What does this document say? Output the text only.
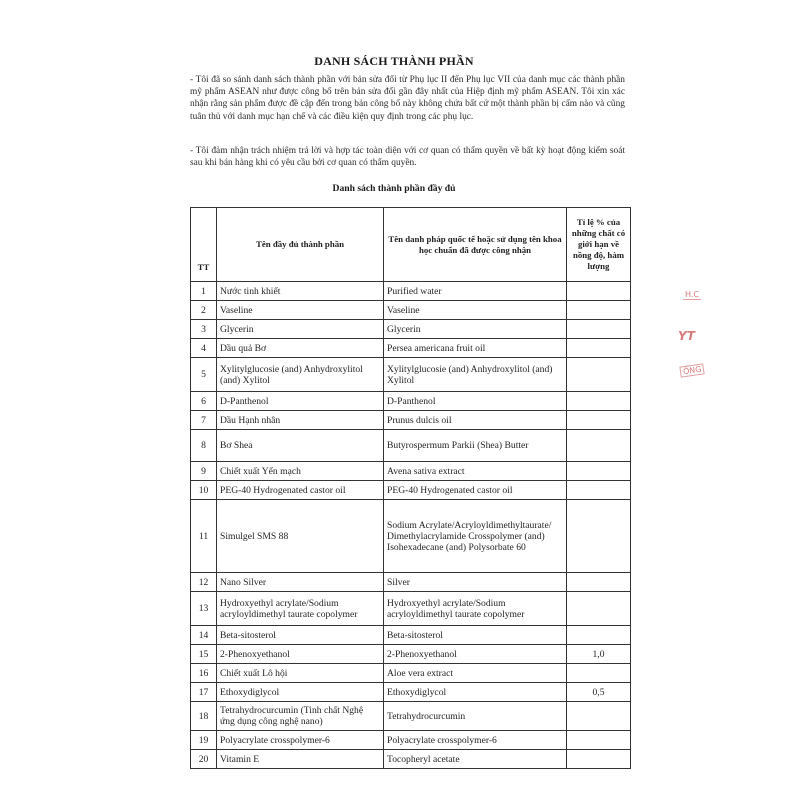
DANH SÁCH THÀNH PHẦN
- Tôi đã so sánh danh sách thành phần với bản sửa đổi từ Phụ lục II đến Phụ lục VII của danh mục các thành phần mỹ phẩm ASEAN như được công bố trên bản sửa đổi gần đây nhất của Hiệp định mỹ phẩm ASEAN. Tôi xin xác nhận rằng sản phẩm được đề cập đến trong bản công bố này không chứa bất cứ một thành phần bị cấm nào và cũng tuân thủ với danh mục hạn chế và các điều kiện quy định trong các phụ lục.
- Tôi đảm nhận trách nhiệm trả lời và hợp tác toàn diện với cơ quan có thẩm quyền về bất kỳ hoạt động kiểm soát sau khi bán hàng khi có yêu cầu bởi cơ quan có thẩm quyền.
Danh sách thành phần đầy đủ
TT	Tên đầy đủ thành phần	Tên danh pháp quốc tế hoặc sử dụng tên khoa học chuẩn đã được công nhận	Tỉ lệ % của những chất có giới hạn về nồng độ, hàm lượng
1	Nước tinh khiết	Purified water	
2	Vaseline	Vaseline	
3	Glycerin	Glycerin	
4	Dầu quả Bơ	Persea americana fruit oil	
5	Xylitylglucosie (and) Anhydroxylitol (and) Xylitol	Xylitylglucosie (and) Anhydroxylitol (and) Xylitol	
6	D-Panthenol	D-Panthenol	
7	Dầu Hạnh nhân	Prunus dulcis oil	
8	Bơ Shea	Butyrospermum Parkii (Shea) Butter	
9	Chiết xuất Yến mạch	Avena sativa extract	
10	PEG-40 Hydrogenated castor oil	PEG-40 Hydrogenated castor oil	
11	Simulgel SMS 88	Sodium Acrylate/Acryloyldimethyltaurate/ Dimethylacrylamide Crosspolymer (and) Isohexadecane (and) Polysorbate 60	
12	Nano Silver	Silver	
13	Hydroxyethyl acrylate/Sodium acryloyldimethyl taurate copolymer	Hydroxyethyl acrylate/Sodium acryloyldimethyl taurate copolymer	
14	Beta-sitosterol	Beta-sitosterol	
15	2-Phenoxyethanol	2-Phenoxyethanol	1,0
16	Chiết xuất Lô hội	Aloe vera extract	
17	Ethoxydiglycol	Ethoxydiglycol	0,5
18	Tetrahydrocurcumin (Tinh chất Nghệ ứng dụng công nghệ nano)	Tetrahydrocurcumin	
19	Polyacrylate crosspolymer-6	Polyacrylate crosspolymer-6	
20	Vitamin E	Tocopheryl acetate	
H.C
YT
ỐNG
